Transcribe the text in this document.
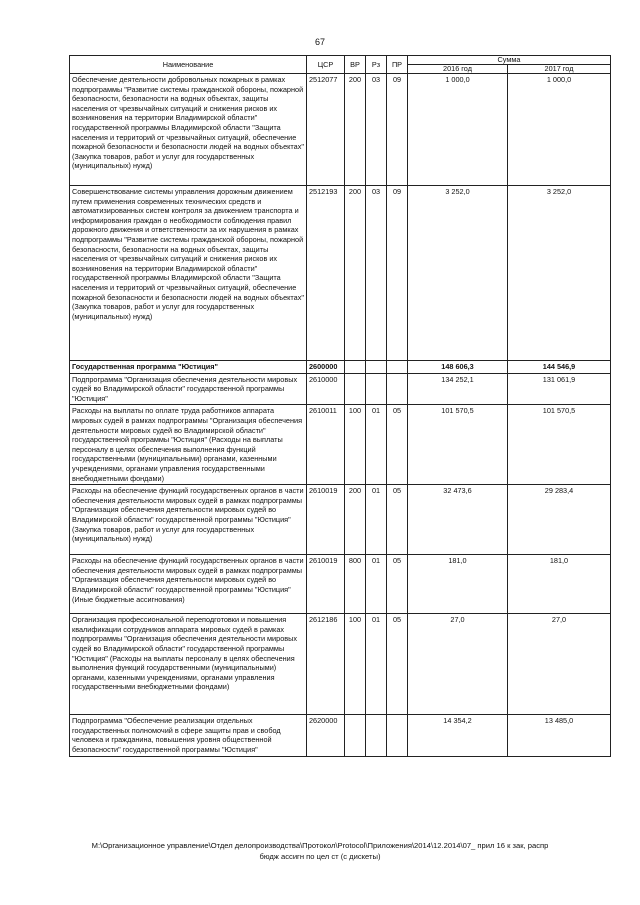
67
Наименование	ЦСР	ВР	Рз	ПР	Сумма	
					2016 год	2017 год
Обеспечение деятельности добровольных пожарных в рамках подпрограммы "Развитие системы гражданской обороны, пожарной безопасности, безопасности на водных объектах, защиты населения от чрезвычайных ситуаций и снижения рисков их возникновения на территории Владимирской области" государственной программы Владимирской области "Защита населения и территорий от чрезвычайных ситуаций, обеспечение пожарной безопасности и безопасности людей на водных объектах" (Закупка товаров, работ и услуг для государственных (муниципальных) нужд)	2512077	200	03	09	1 000,0	1 000,0
Совершенствование системы управления дорожным движением путем применения современных технических средств и автоматизированных систем контроля за движением транспорта и информирования граждан о необходимости соблюдения правил дорожного движения и ответственности за их нарушения в рамках подпрограммы "Развитие системы гражданской обороны, пожарной безопасности, безопасности на водных объектах, защиты населения от чрезвычайных ситуаций и снижения рисков их возникновения на территории Владимирской области" государственной программы Владимирской области "Защита населения и территорий от чрезвычайных ситуаций, обеспечение пожарной безопасности и безопасности людей на водных объектах" (Закупка товаров, работ и услуг для государственных (муниципальных) нужд)	2512193	200	03	09	3 252,0	3 252,0
Государственная программа "Юстиция"	2600000				148 606,3	144 546,9
Подпрограмма "Организация обеспечения деятельности мировых судей во Владимирской области" государственной программы "Юстиция"	2610000				134 252,1	131 061,9
Расходы на выплаты по оплате труда работников аппарата мировых судей в рамках подпрограммы "Организация обеспечения деятельности мировых судей во Владимирской области" государственной программы "Юстиция" (Расходы на выплаты персоналу в целях обеспечения выполнения функций государственными (муниципальными) органами, казенными учреждениями, органами управления государственными внебюджетными фондами)	2610011	100	01	05	101 570,5	101 570,5
Расходы на обеспечение функций государственных органов в части обеспечения деятельности мировых судей в рамках подпрограммы "Организация обеспечения деятельности мировых судей во Владимирской области" государственной программы "Юстиция" (Закупка товаров, работ и услуг для государственных (муниципальных) нужд)	2610019	200	01	05	32 473,6	29 283,4
Расходы на обеспечение функций государственных органов в части обеспечения деятельности мировых судей в рамках подпрограммы "Организация обеспечения деятельности мировых судей во Владимирской области" государственной программы "Юстиция" (Иные бюджетные ассигнования)	2610019	800	01	05	181,0	181,0
Организация профессиональной переподготовки и повышения квалификации сотрудников аппарата мировых судей в рамках подпрограммы "Организация обеспечения деятельности мировых судей во Владимирской области" государственной программы "Юстиция" (Расходы на выплаты персоналу в целях обеспечения выполнения функций государственными (муниципальными) органами, казенными учреждениями, органами управления государственными внебюджетными фондами)	2612186	100	01	05	27,0	27,0
Подпрограмма "Обеспечение реализации отдельных государственных полномочий в сфере защиты прав и свобод человека и гражданина, повышения уровня общественной безопасности" государственной программы "Юстиция"	2620000				14 354,2	13 485,0
М:\Организационное управление\Отдел делопроизводства\Протокол\Protocol\Приложения\2014\12.2014\07_ прил 16 к зак, распр
бюдж ассигн по цел ст (с дискеты)
